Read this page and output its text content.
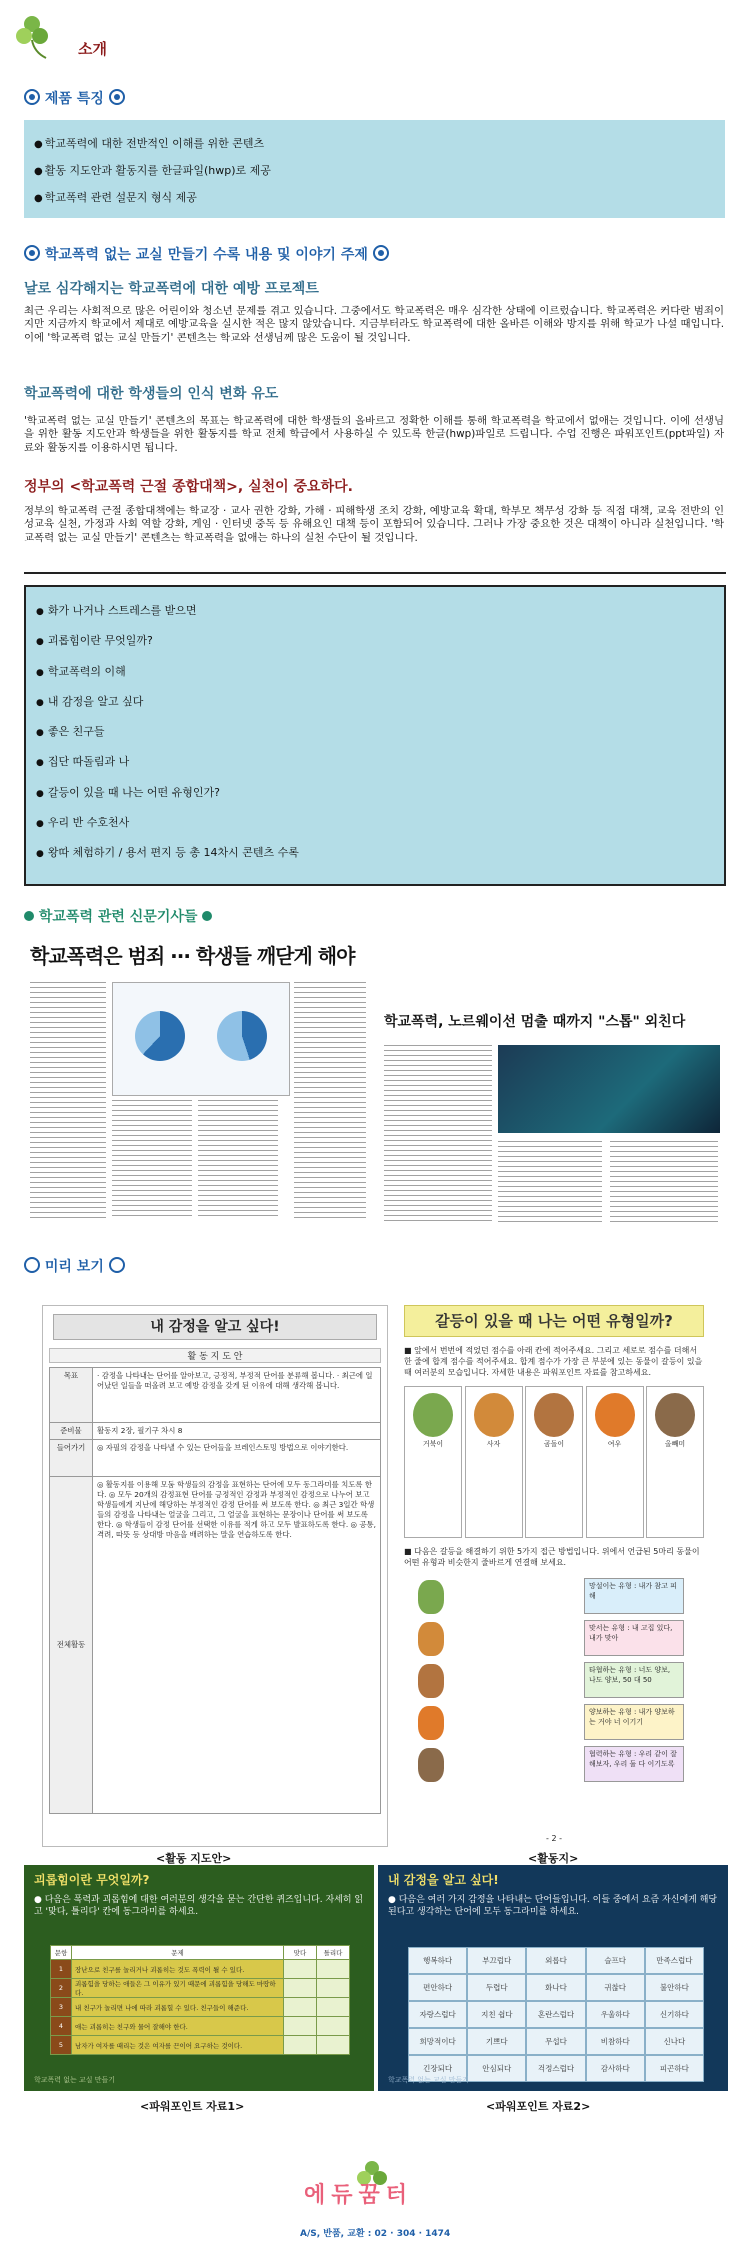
소개
제품 특징
● 학교폭력에 대한 전반적인 이해를 위한 콘텐츠
● 활동 지도안과 활동지를 한글파일(hwp)로 제공
● 학교폭력 관련 설문지 형식 제공
학교폭력 없는 교실 만들기 수록 내용 및 이야기 주제
날로 심각해지는 학교폭력에 대한 예방 프로젝트
최근 우리는 사회적으로 많은 어린이와 청소년 문제를 겪고 있습니다. 그중에서도 학교폭력은 매우 심각한 상태에 이르렀습니다. 학교폭력은 커다란 범죄이지만 지금까지 학교에서 제대로 예방교육을 실시한 적은 많지 않았습니다. 지금부터라도 학교폭력에 대한 올바른 이해와 방지를 위해 학교가 나설 때입니다. 이에 '학교폭력 없는 교실 만들기' 콘텐츠는 학교와 선생님께 많은 도움이 될 것입니다.
학교폭력에 대한 학생들의 인식 변화 유도
'학교폭력 없는 교실 만들기' 콘텐츠의 목표는 학교폭력에 대한 학생들의 올바르고 정확한 이해를 통해 학교폭력을 학교에서 없애는 것입니다. 이에 선생님을 위한 활동 지도안과 학생들을 위한 활동지를 학교 전체 학급에서 사용하실 수 있도록 한글(hwp)파일로 드립니다. 수업 진행은 파워포인트(ppt파일) 자료와 활동지를 이용하시면 됩니다.
정부의 <학교폭력 근절 종합대책>, 실천이 중요하다.
정부의 학교폭력 근절 종합대책에는 학교장 · 교사 권한 강화, 가해 · 피해학생 조치 강화, 예방교육 확대, 학부모 책무성 강화 등 직접 대책, 교육 전반의 인성교육 실천, 가정과 사회 역할 강화, 게임 · 인터넷 중독 등 유해요인 대책 등이 포함되어 있습니다. 그러나 가장 중요한 것은 대책이 아니라 실천입니다. '학교폭력 없는 교실 만들기' 콘텐츠는 학교폭력을 없애는 하나의 실천 수단이 될 것입니다.
● 화가 나거나 스트레스를 받으면
● 괴롭힘이란 무엇일까?
● 학교폭력의 이해
● 내 감정을 알고 싶다
● 좋은 친구들
● 집단 따돌림과 나
● 갈등이 있을 때 나는 어떤 유형인가?
● 우리 반 수호천사
● 왕따 체험하기 / 용서 편지 등 총 14차시 콘텐츠 수록
학교폭력 관련 신문기사들
학교폭력은 범죄 ··· 학생들 깨닫게 해야
학교폭력, 노르웨이선 멈출 때까지 "스톱" 외친다
미리 보기
내 감정을 알고 싶다!
활 동 지 도 안
목표	· 감정을 나타내는 단어를 알아보고, 긍정적, 부정적 단어를 분류해 봅니다. · 최근에 일어났던 일들을 떠올려 보고 예방 감정을 갖게 된 이유에 대해 생각해 봅니다.
준비물	활동지 2장, 필기구 차시 8
들어가기	◎ 자필의 감정을 나타낼 수 있는 단어들을 브레인스토밍 방법으로 이야기한다.
전체활동	◎ 활동지를 이용해 모둠 학생들의 감정을 표현하는 단어에 모두 동그라미를 치도록 한다. ◎ 모두 20개의 감정표현 단어를 긍정적인 감정과 부정적인 감정으로 나누어 보고 학생들에게 지난에 해당하는 부정적인 감정 단어를 써 보도록 한다. ◎ 최근 3일간 학생들의 감정을 나타내는 얼굴을 그리고, 그 얼굴을 표현하는 문장이나 단어를 써 보도록 한다. ◎ 학생들이 감정 단어를 선택한 이유를 적게 하고 모두 발표하도록 한다. ◎ 공통, 격려, 따뜻 등 상대방 마음을 배려하는 말을 연습하도록 한다.
갈등이 있을 때 나는 어떤 유형일까?
■ 앞에서 번번에 적었던 점수를 아래 칸에 적어주세요. 그리고 세로로 점수를 더해서 한 줄에 합계 점수를 적어주세요. 합계 점수가 가장 큰 부분에 있는 동물이 갈등이 있을 때 여러분의 모습입니다. 자세한 내용은 파워포인트 자료를 참고하세요.
거북이	사자	곰돌이	여우	올빼미
■ 다음은 갈등을 해결하기 위한 5가지 접근 방법입니다. 위에서 언급된 5마리 동물이 어떤 유형과 비슷한지 줄바르게 연결해 보세요.
망설이는 유형 : 내가 참고 피해
맞서는 유형 : 내 고집 있다, 내가 맞아
타협하는 유형 : 너도 양보, 나도 양보, 50 대 50
양보하는 유형 : 내가 양보하는 거야 너 이기기
협력하는 유형 : 우리 같이 잘해보자, 우리 둘 다 이기도록
- 2 -
<활동 지도안>	<활동지>
괴롭힘이란 무엇일까?
● 다음은 폭력과 괴롭힘에 대한 여러분의 생각을 묻는 간단한 퀴즈입니다. 자세히 읽고 '맞다, 틀리다' 칸에 동그라미를 하세요.
문항	문제	맞다	틀리다
1	장난으로 친구를 놀리거나 괴롭히는 것도 폭력이 될 수 있다.		
2	괴롭힘을 당하는 애들은 그 이유가 있기 때문에 괴롭힘을 당해도 마땅하다.		
3	내 친구가 놀리면 나에 따라 괴롭힐 수 있다. 친구들이 해준다.		
4	애는 괴롭히는 친구와 물어 잘해야 한다.		
5	남자가 여자를 때리는 것은 여자를 끈이어 요구하는 것이다.		
학교폭력 없는 교실 만들기
내 감정을 알고 싶다!
● 다음은 여러 가지 감정을 나타내는 단어들입니다. 이들 중에서 요즘 자신에게 해당된다고 생각하는 단어에 모두 동그라미를 하세요.
행복하다	부끄럽다	외롭다	슬프다	만족스럽다
편안하다	두렵다	화나다	귀찮다	불안하다
자랑스럽다	지친 쉽다	혼란스럽다	우울하다	신기하다
희망적이다	기쁘다	무섭다	비참하다	신나다
긴장되다	안심되다	걱정스럽다	감사하다	피곤하다
학교폭력 없는 교실 만들기
<파워포인트 자료1>	<파워포인트 자료2>
에듀꿈터
A/S, 반품, 교환 : 02 · 304 · 1474
